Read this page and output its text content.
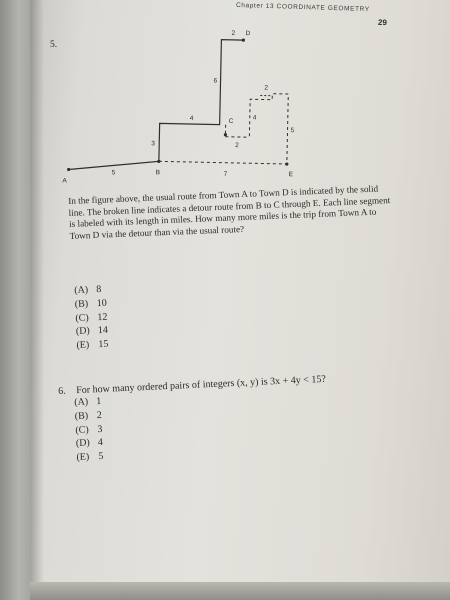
Chapter 13 COORDINATE GEOMETRY
29
5.
A
B
C
D
E
5
3
4
6
2
7
5
4
2
2

In the figure above, the usual route from Town A to Town D is indicated by the solid line. The broken line indicates a detour route from B to C through E. Each line segment is labeled with its length in miles. How many more miles is the trip from Town A to Town D via the detour than via the usual route?

(A) 8
(B) 10
(C) 12
(D) 14
(E) 15
6. For how many ordered pairs of integers (x, y) is 3x + 4y < 15?
(A) 1
(B) 2
(C) 3
(D) 4
(E) 5
